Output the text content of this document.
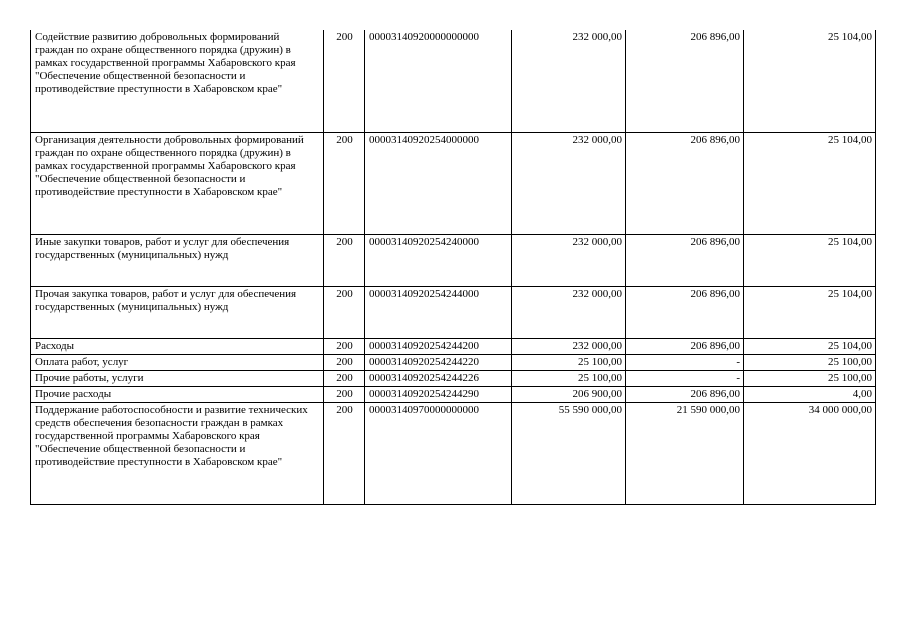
Содействие развитию добровольных формирований граждан по охране общественного порядка (дружин) в рамках государственной программы Хабаровского края "Обеспечение общественной безопасности и противодействие преступности в Хабаровском крае"	200	00003140920000000000	232 000,00	206 896,00	25 104,00
Организация деятельности добровольных формирований граждан по охране общественного порядка (дружин) в рамках государственной программы Хабаровского края "Обеспечение общественной безопасности и противодействие преступности в Хабаровском крае"	200	00003140920254000000	232 000,00	206 896,00	25 104,00
Иные закупки товаров, работ и услуг для обеспечения государственных (муниципальных) нужд	200	00003140920254240000	232 000,00	206 896,00	25 104,00
Прочая закупка товаров, работ и услуг для обеспечения государственных (муниципальных) нужд	200	00003140920254244000	232 000,00	206 896,00	25 104,00
Расходы	200	00003140920254244200	232 000,00	206 896,00	25 104,00
Оплата работ, услуг	200	00003140920254244220	25 100,00	-	25 100,00
Прочие работы, услуги	200	00003140920254244226	25 100,00	-	25 100,00
Прочие расходы	200	00003140920254244290	206 900,00	206 896,00	4,00
Поддержание работоспособности и развитие технических средств обеспечения безопасности граждан в рамках государственной программы Хабаровского края "Обеспечение общественной безопасности и противодействие преступности в Хабаровском крае"	200	00003140970000000000	55 590 000,00	21 590 000,00	34 000 000,00
